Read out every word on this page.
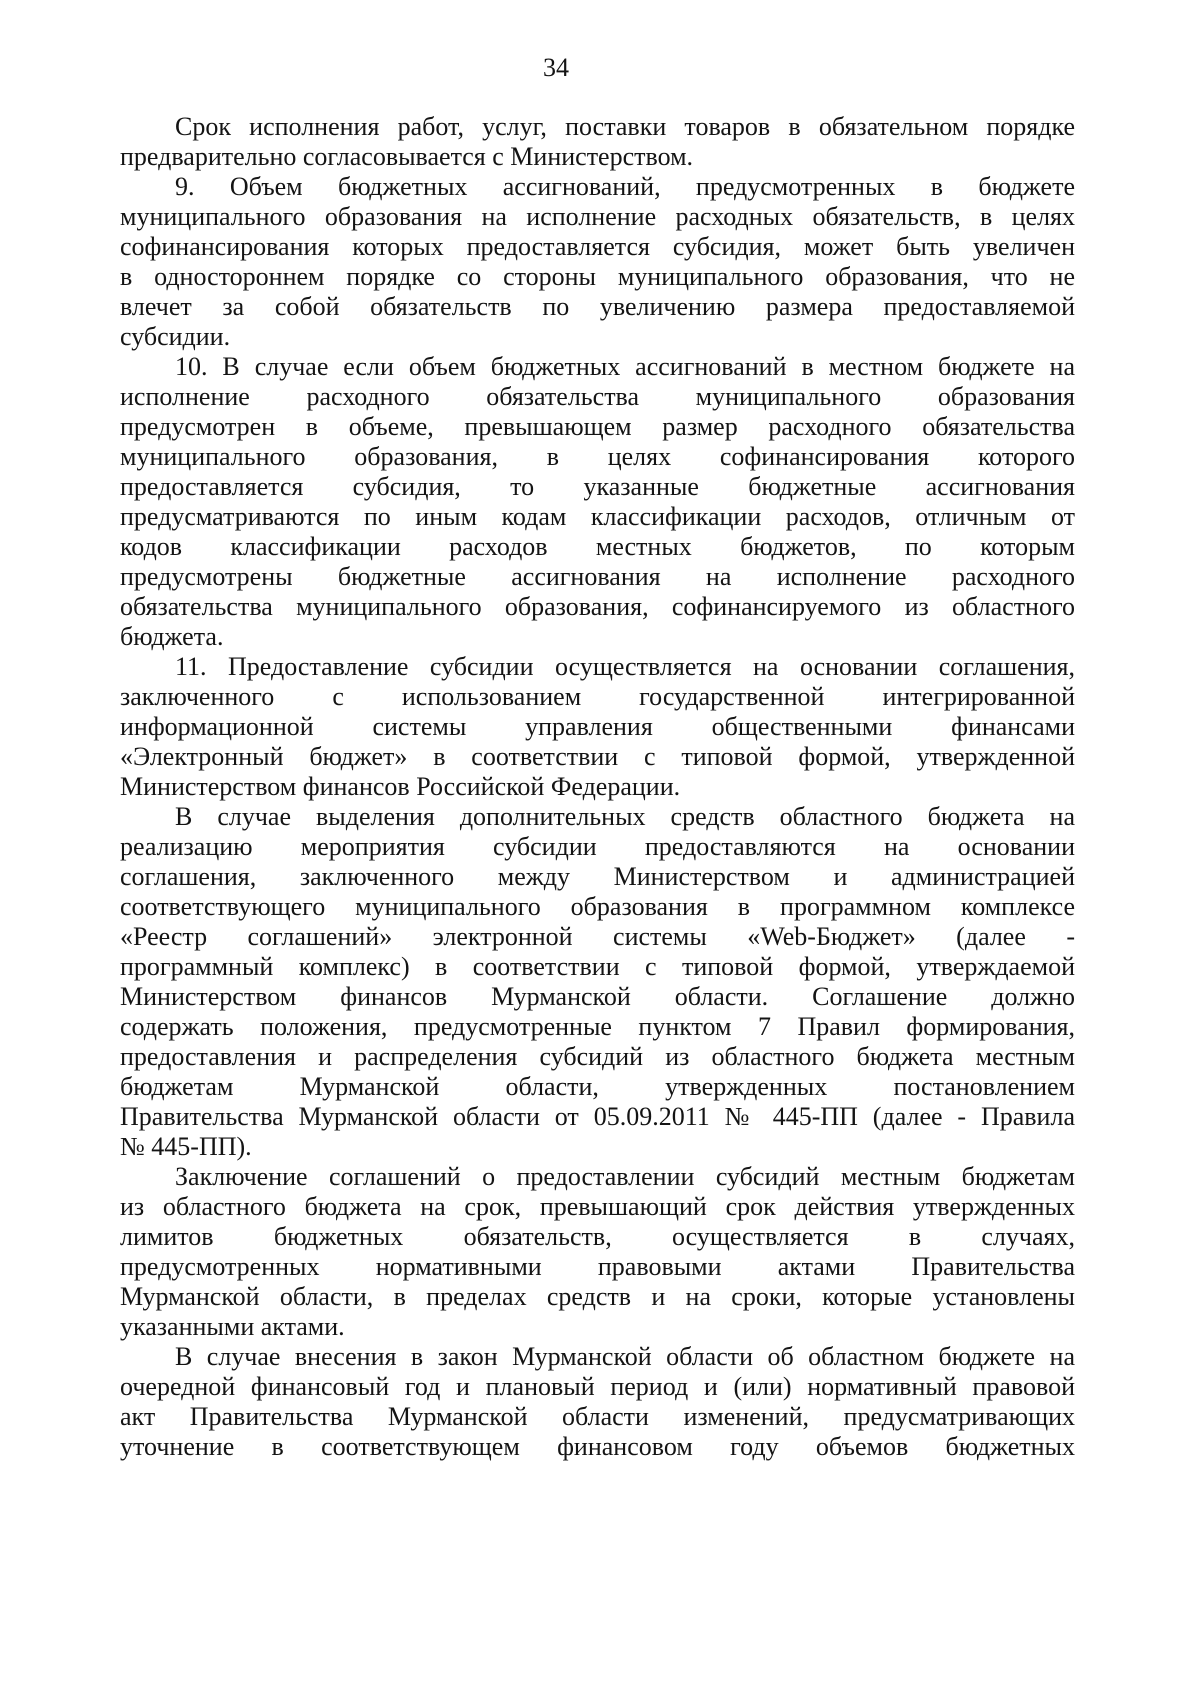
34
Срок исполнения работ, услуг, поставки товаров в обязательном порядке
предварительно согласовывается с Министерством.
9. Объем бюджетных ассигнований, предусмотренных в бюджете
муниципального образования на исполнение расходных обязательств, в целях
софинансирования которых предоставляется субсидия, может быть увеличен
в одностороннем порядке со стороны муниципального образования, что не
влечет за собой обязательств по увеличению размера предоставляемой
субсидии.
10. В случае если объем бюджетных ассигнований в местном бюджете на
исполнение расходного обязательства муниципального образования
предусмотрен в объеме, превышающем размер расходного обязательства
муниципального образования, в целях софинансирования которого
предоставляется субсидия, то указанные бюджетные ассигнования
предусматриваются по иным кодам классификации расходов, отличным от
кодов классификации расходов местных бюджетов, по которым
предусмотрены бюджетные ассигнования на исполнение расходного
обязательства муниципального образования, софинансируемого из областного
бюджета.
11. Предоставление субсидии осуществляется на основании соглашения,
заключенного с использованием государственной интегрированной
информационной системы управления общественными финансами
«Электронный бюджет» в соответствии с типовой формой, утвержденной
Министерством финансов Российской Федерации.
В случае выделения дополнительных средств областного бюджета на
реализацию мероприятия субсидии предоставляются на основании
соглашения, заключенного между Министерством и администрацией
соответствующего муниципального образования в программном комплексе
«Реестр соглашений» электронной системы «Web-Бюджет» (далее -
программный комплекс) в соответствии с типовой формой, утверждаемой
Министерством финансов Мурманской области. Соглашение должно
содержать положения, предусмотренные пунктом 7 Правил формирования,
предоставления и распределения субсидий из областного бюджета местным
бюджетам Мурманской области, утвержденных постановлением
Правительства Мурманской области от 05.09.2011 № 445-ПП (далее - Правила
№ 445-ПП).
Заключение соглашений о предоставлении субсидий местным бюджетам
из областного бюджета на срок, превышающий срок действия утвержденных
лимитов бюджетных обязательств, осуществляется в случаях,
предусмотренных нормативными правовыми актами Правительства
Мурманской области, в пределах средств и на сроки, которые установлены
указанными актами.
В случае внесения в закон Мурманской области об областном бюджете на
очередной финансовый год и плановый период и (или) нормативный правовой
акт Правительства Мурманской области изменений, предусматривающих
уточнение в соответствующем финансовом году объемов бюджетных
